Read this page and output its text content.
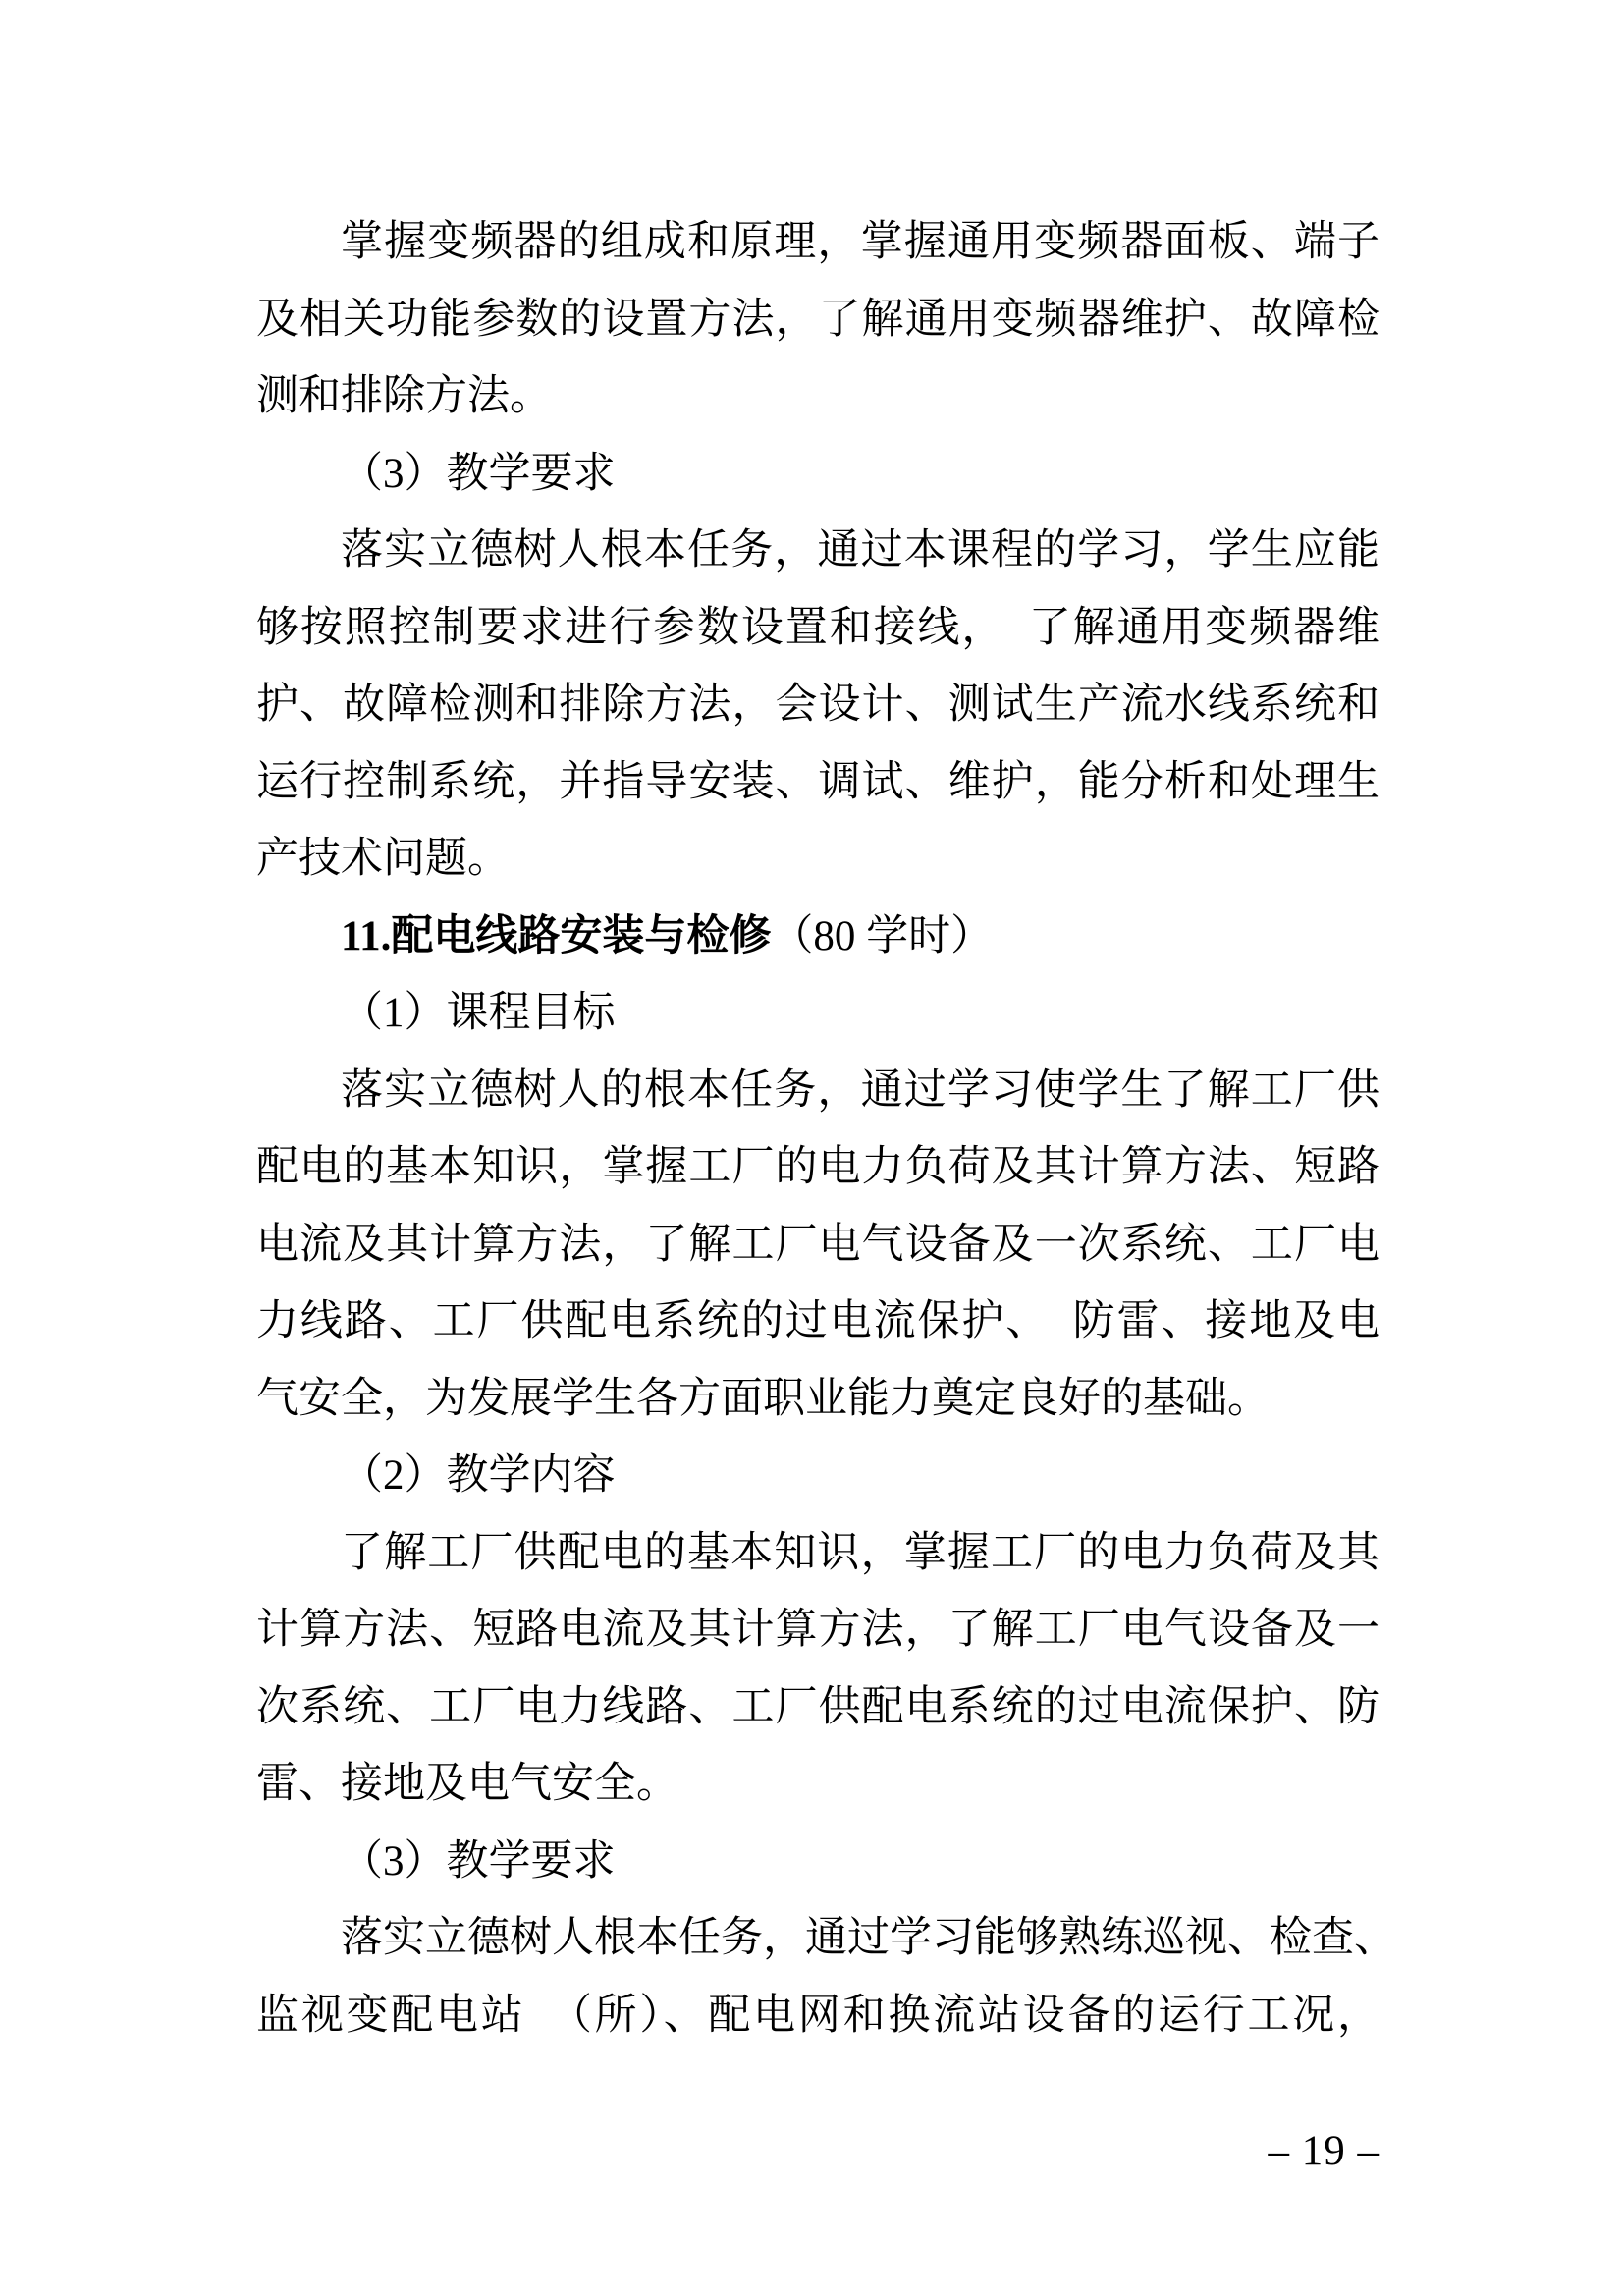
掌握变频器的组成和原理，掌握通用变频器面板、端子
及相关功能参数的设置方法，了解通用变频器维护、故障检
测和排除方法。
（3）教学要求
落实立德树人根本任务，通过本课程的学习，学生应能
够按照控制要求进行参数设置和接线，　了解通用变频器维
护、故障检测和排除方法，会设计、测试生产流水线系统和
运行控制系统，并指导安装、调试、维护，能分析和处理生
产技术问题。
11.配电线路安装与检修（80 学时）
（1）课程目标
落实立德树人的根本任务，通过学习使学生了解工厂供
配电的基本知识，掌握工厂的电力负荷及其计算方法、短路
电流及其计算方法，了解工厂电气设备及一次系统、工厂电
力线路、工厂供配电系统的过电流保护、　防雷、接地及电
气安全，为发展学生各方面职业能力奠定良好的基础。
（2）教学内容
了解工厂供配电的基本知识，掌握工厂的电力负荷及其
计算方法、短路电流及其计算方法，了解工厂电气设备及一
次系统、工厂电力线路、工厂供配电系统的过电流保护、防
雷、接地及电气安全。
（3）教学要求
落实立德树人根本任务，通过学习能够熟练巡视、检查、
监视变配电站　（所）、配电网和换流站设备的运行工况，
– 19 –
